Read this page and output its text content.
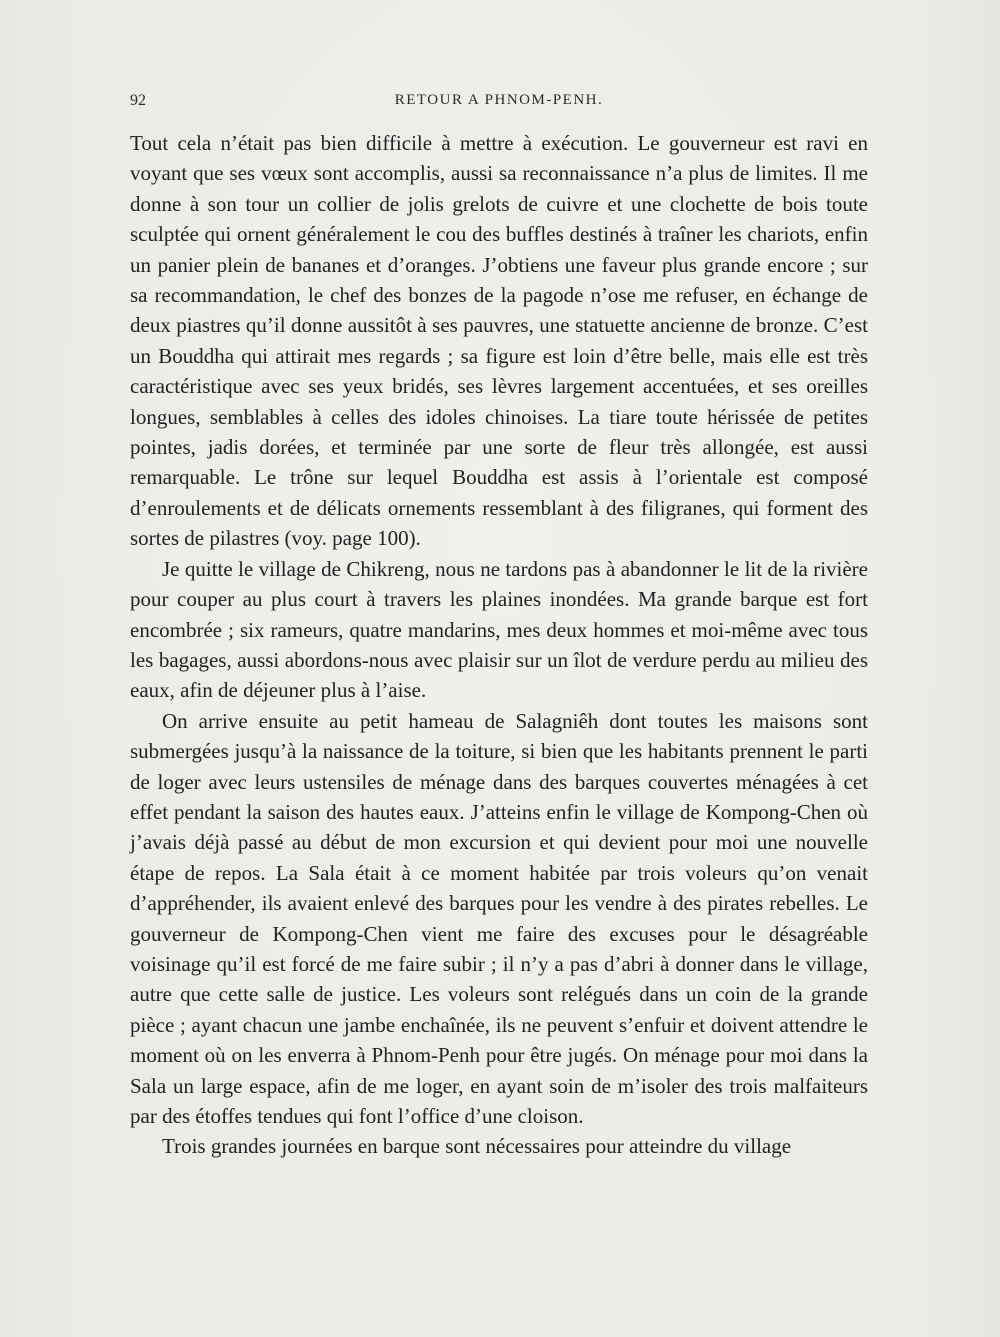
92	RETOUR A PHNOM-PENH.

Tout cela n’était pas bien difficile à mettre à exécution. Le gouverneur est ravi en voyant que ses vœux sont accomplis, aussi sa reconnaissance n’a plus de limites. Il me donne à son tour un collier de jolis grelots de cuivre et une clochette de bois toute sculptée qui ornent généralement le cou des buffles destinés à traîner les chariots, enfin un panier plein de bananes et d’oranges. J’obtiens une faveur plus grande encore ; sur sa recommandation, le chef des bonzes de la pagode n’ose me refuser, en échange de deux piastres qu’il donne aussitôt à ses pauvres, une statuette ancienne de bronze. C’est un Bouddha qui attirait mes regards ; sa figure est loin d’être belle, mais elle est très caractéristique avec ses yeux bridés, ses lèvres largement accentuées, et ses oreilles longues, semblables à celles des idoles chinoises. La tiare toute hérissée de petites pointes, jadis dorées, et terminée par une sorte de fleur très allongée, est aussi remarquable. Le trône sur lequel Bouddha est assis à l’orientale est composé d’enroulements et de délicats ornements ressemblant à des filigranes, qui forment des sortes de pilastres (voy. page 100).

Je quitte le village de Chikreng, nous ne tardons pas à abandonner le lit de la rivière pour couper au plus court à travers les plaines inondées. Ma grande barque est fort encombrée ; six rameurs, quatre mandarins, mes deux hommes et moi-même avec tous les bagages, aussi abordons-nous avec plaisir sur un îlot de verdure perdu au milieu des eaux, afin de déjeuner plus à l’aise.

On arrive ensuite au petit hameau de Salagniêh dont toutes les maisons sont submergées jusqu’à la naissance de la toiture, si bien que les habitants prennent le parti de loger avec leurs ustensiles de ménage dans des barques couvertes ménagées à cet effet pendant la saison des hautes eaux. J’atteins enfin le village de Kompong-Chen où j’avais déjà passé au début de mon excursion et qui devient pour moi une nouvelle étape de repos. La Sala était à ce moment habitée par trois voleurs qu’on venait d’appréhender, ils avaient enlevé des barques pour les vendre à des pirates rebelles. Le gouverneur de Kompong-Chen vient me faire des excuses pour le désagréable voisinage qu’il est forcé de me faire subir ; il n’y a pas d’abri à donner dans le village, autre que cette salle de justice. Les voleurs sont relégués dans un coin de la grande pièce ; ayant chacun une jambe enchaînée, ils ne peuvent s’enfuir et doivent attendre le moment où on les enverra à Phnom-Penh pour être jugés. On ménage pour moi dans la Sala un large espace, afin de me loger, en ayant soin de m’isoler des trois malfaiteurs par des étoffes tendues qui font l’office d’une cloison.

Trois grandes journées en barque sont nécessaires pour atteindre du village
